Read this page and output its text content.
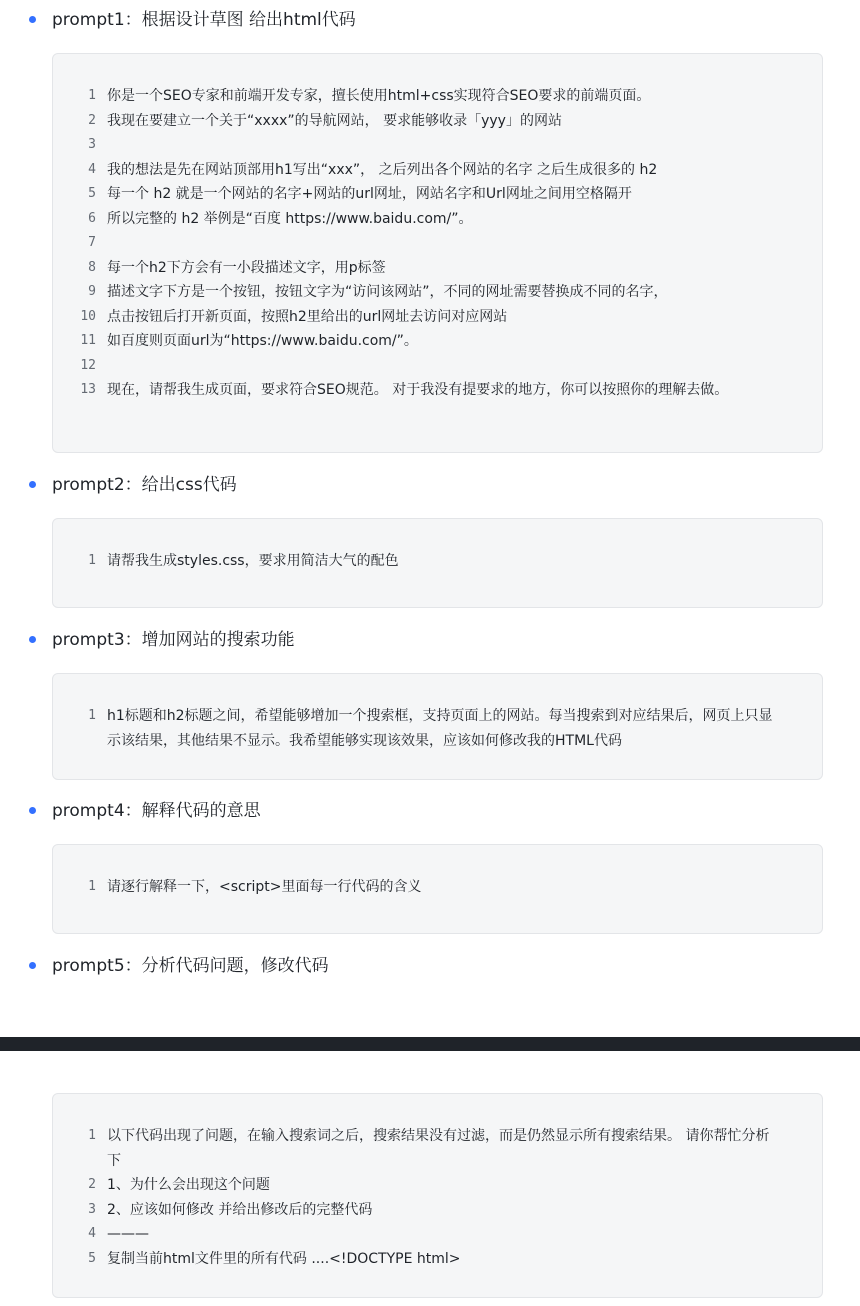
prompt1：根据设计草图 给出html代码
1 你是一个SEO专家和前端开发专家，擅长使用html+css实现符合SEO要求的前端页面。
2 我现在要建立一个关于“xxxx”的导航网站， 要求能够收录「yyy」的网站
3
4 我的想法是先在网站顶部用h1写出“xxx”， 之后列出各个网站的名字 之后生成很多的 h2
5 每一个 h2 就是一个网站的名字+网站的url网址，网站名字和Url网址之间用空格隔开
6 所以完整的 h2 举例是“百度 https://www.baidu.com/”。
7
8 每一个h2下方会有一小段描述文字，用p标签
9 描述文字下方是一个按钮，按钮文字为“访问该网站”，不同的网址需要替换成不同的名字，
10 点击按钮后打开新页面，按照h2里给出的url网址去访问对应网站
11 如百度则页面url为“https://www.baidu.com/”。
12
13 现在，请帮我生成页面，要求符合SEO规范。 对于我没有提要求的地方，你可以按照你的理解去做。
prompt2：给出css代码
1 请帮我生成styles.css，要求用简洁大气的配色
prompt3：增加网站的搜索功能
1 h1标题和h2标题之间，希望能够增加一个搜索框，支持页面上的网站。每当搜索到对应结果后，网页上只显示该结果，其他结果不显示。我希望能够实现该效果，应该如何修改我的HTML代码
prompt4：解释代码的意思
1 请逐行解释一下，<script>里面每一行代码的含义
prompt5：分析代码问题，修改代码
1 以下代码出现了问题，在输入搜索词之后，搜索结果没有过滤，而是仍然显示所有搜索结果。 请你帮忙分析下
2 1、为什么会出现这个问题
3 2、应该如何修改 并给出修改后的完整代码
4 ———
5 复制当前html文件里的所有代码 ....<!DOCTYPE html>
